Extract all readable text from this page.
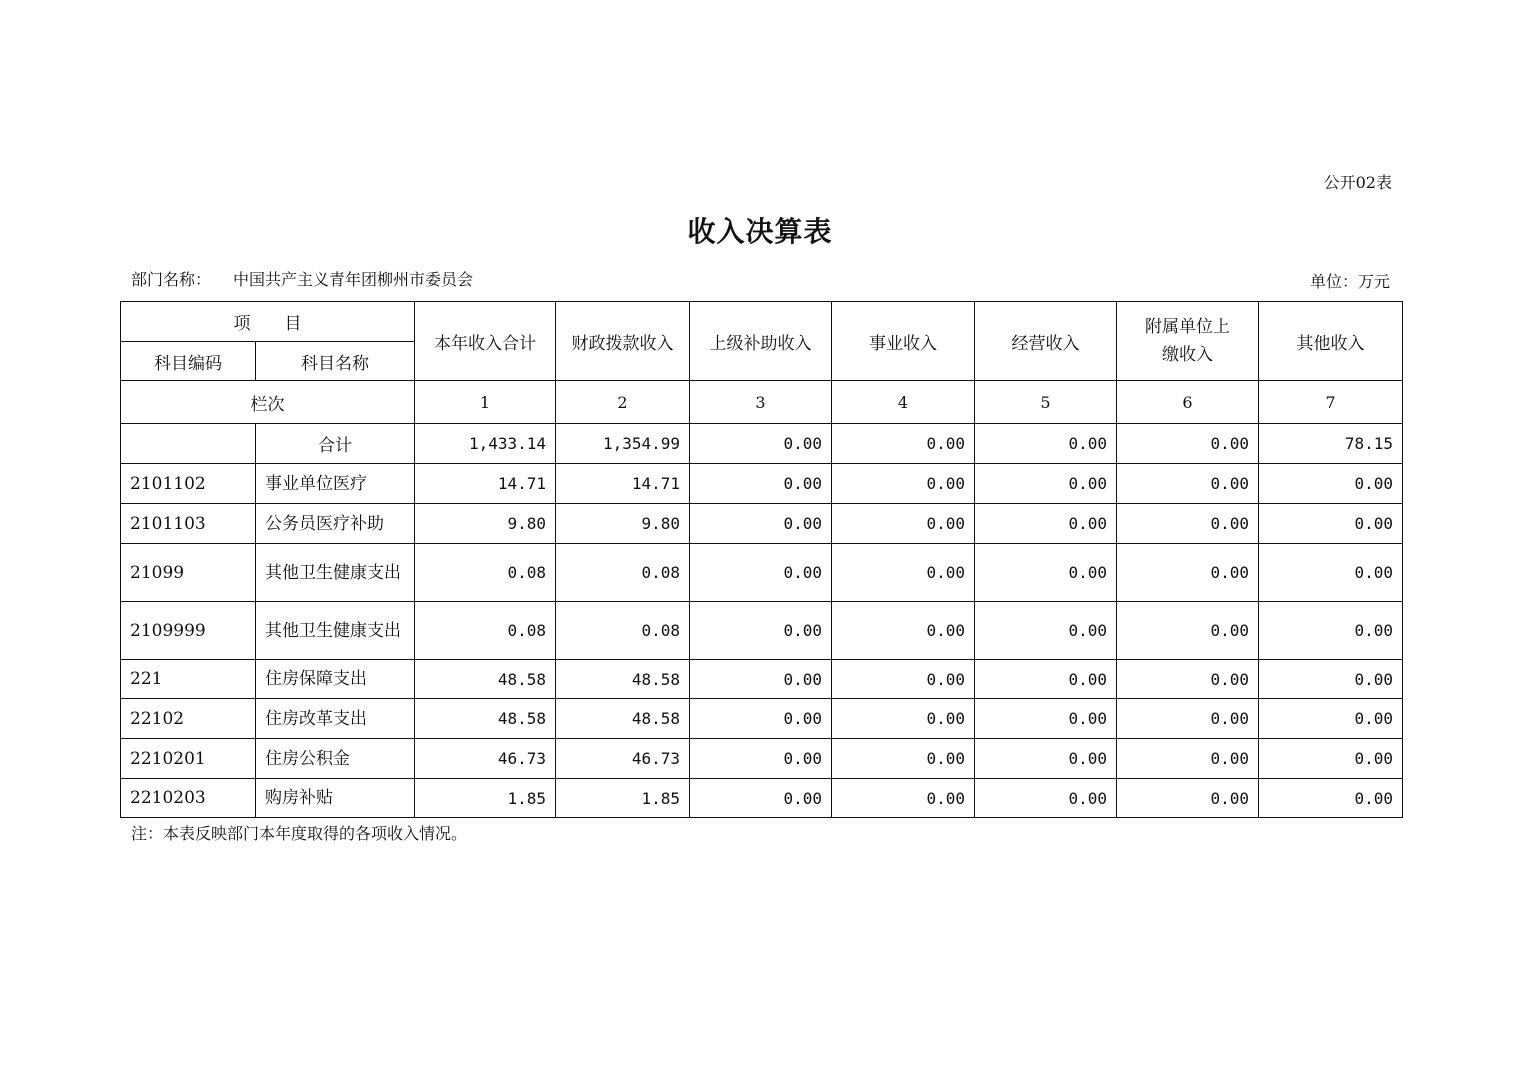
公开02表
收入决算表
部门名称： 中国共产主义青年团柳州市委员会	单位：万元
项　　目		本年收入合计	财政拨款收入	上级补助收入	事业收入	经营收入	附属单位上缴收入	其他收入
科目编码	科目名称							
栏次		1	2	3	4	5	6	7
	合计	1,433.14	1,354.99	0.00	0.00	0.00	0.00	78.15
2101102	事业单位医疗	14.71	14.71	0.00	0.00	0.00	0.00	0.00
2101103	公务员医疗补助	9.80	9.80	0.00	0.00	0.00	0.00	0.00
21099	其他卫生健康支出	0.08	0.08	0.00	0.00	0.00	0.00	0.00
2109999	其他卫生健康支出	0.08	0.08	0.00	0.00	0.00	0.00	0.00
221	住房保障支出	48.58	48.58	0.00	0.00	0.00	0.00	0.00
22102	住房改革支出	48.58	48.58	0.00	0.00	0.00	0.00	0.00
2210201	住房公积金	46.73	46.73	0.00	0.00	0.00	0.00	0.00
2210203	购房补贴	1.85	1.85	0.00	0.00	0.00	0.00	0.00
注：本表反映部门本年度取得的各项收入情况。
